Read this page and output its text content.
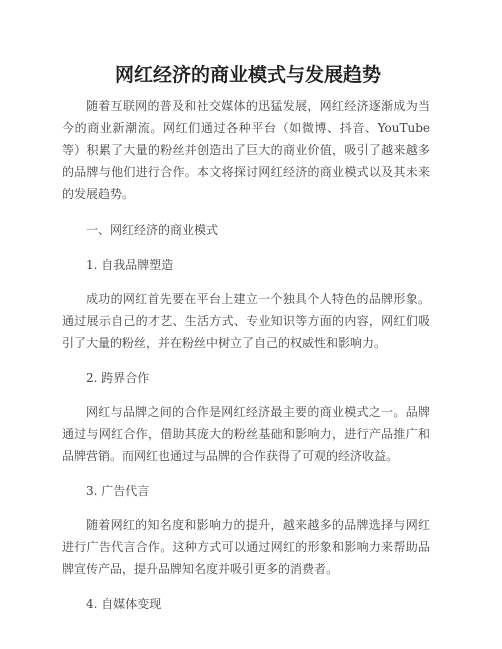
网红经济的商业模式与发展趋势

随着互联网的普及和社交媒体的迅猛发展，网红经济逐渐成为当今的商业新潮流。网红们通过各种平台（如微博、抖音、YouTube等）积累了大量的粉丝并创造出了巨大的商业价值，吸引了越来越多的品牌与他们进行合作。本文将探讨网红经济的商业模式以及其未来的发展趋势。

一、网红经济的商业模式

1. 自我品牌塑造

成功的网红首先要在平台上建立一个独具个人特色的品牌形象。通过展示自己的才艺、生活方式、专业知识等方面的内容，网红们吸引了大量的粉丝，并在粉丝中树立了自己的权威性和影响力。

2. 跨界合作

网红与品牌之间的合作是网红经济最主要的商业模式之一。品牌通过与网红合作，借助其庞大的粉丝基础和影响力，进行产品推广和品牌营销。而网红也通过与品牌的合作获得了可观的经济收益。

3. 广告代言

随着网红的知名度和影响力的提升，越来越多的品牌选择与网红进行广告代言合作。这种方式可以通过网红的形象和影响力来帮助品牌宣传产品，提升品牌知名度并吸引更多的消费者。

4. 自媒体变现
